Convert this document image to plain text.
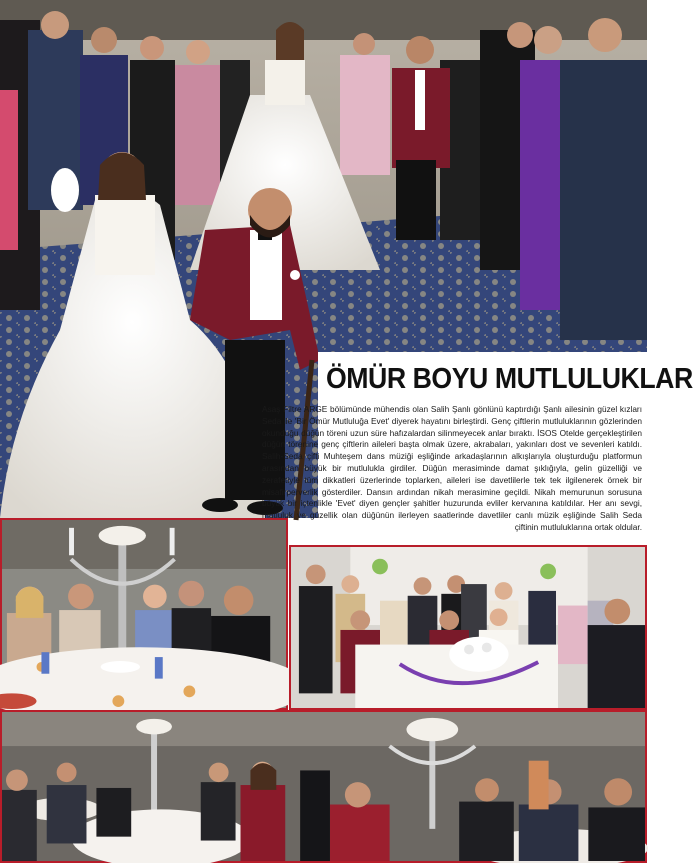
ÖMÜR BOYU MUTLULUKLAR
Asaş Filtre ARGE bölümünde mühendis olan Salih Şanlı gönlünü kaptırdığı Şanlı ailesinin güzel kızları Seda ile 'Bir Ömür Mutluluğa Evet' diyerek hayatını birleştirdi. Genç çiftlerin mutluluklarının gözlerinden okunduğu düğün töreni uzun süre hafızalardan silinmeyecek anlar bıraktı. İSOS Otelde gerçekleştirilen düğün törenine genç çiftlerin aileleri başta olmak üzere, akrabaları, yakınları dost ve sevenleri katıldı. Salih-Seda çifti Muhteşem dans müziği eşliğinde arkadaşlarının alkışlarıyla oluşturduğu platformun arasından büyük bir mutlulukla girdiler. Düğün merasiminde damat şıklığıyla, gelin güzelliği ve zerafetiyle tüm dikkatleri üzerlerinde toplarken, aileleri ise davetlilerle tek tek ilgilenerek örnek bir misafirperverlik gösterdiler. Dansın ardından nikah merasimine geçildi. Nikah memurunun sorusuna büyük bir içtenlikle 'Evet' diyen gençler şahitler huzurunda evliler kervanına katıldılar. Her anı sevgi, mutluluk ve güzellik olan düğünün ilerleyen saatlerinde davetliler canlı müzik eşliğinde Salih Seda çiftinin mutluluklarına ortak oldular.
